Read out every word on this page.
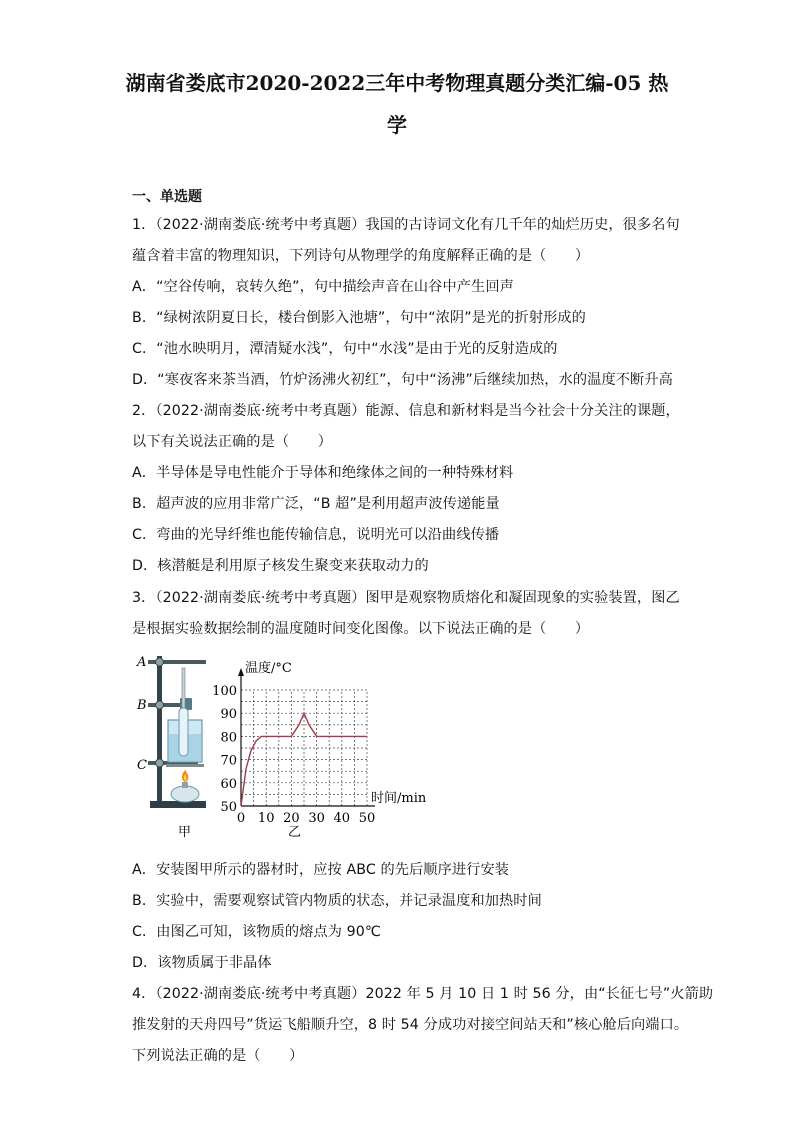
湖南省娄底市2020-2022三年中考物理真题分类汇编-05 热
学
一、单选题
1．（2022·湖南娄底·统考中考真题）我国的古诗词文化有几千年的灿烂历史，很多名句
蕴含着丰富的物理知识，下列诗句从物理学的角度解释正确的是（　　）
A．“空谷传响，哀转久绝”，句中描绘声音在山谷中产生回声
B．“绿树浓阴夏日长，楼台倒影入池塘”，句中“浓阴”是光的折射形成的
C．“池水映明月，潭清疑水浅”，句中“水浅”是由于光的反射造成的
D．“寒夜客来茶当酒，竹炉汤沸火初红”，句中“汤沸”后继续加热，水的温度不断升高
2．（2022·湖南娄底·统考中考真题）能源、信息和新材料是当今社会十分关注的课题，
以下有关说法正确的是（　　）
A．半导体是导电性能介于导体和绝缘体之间的一种特殊材料
B．超声波的应用非常广泛，“B 超”是利用超声波传递能量
C．弯曲的光导纤维也能传输信息，说明光可以沿曲线传播
D．核潜艇是利用原子核发生聚变来获取动力的
3．（2022·湖南娄底·统考中考真题）图甲是观察物质熔化和凝固现象的实验装置，图乙
是根据实验数据绘制的温度随时间变化图像。以下说法正确的是（　　）
A
B
C
甲
50
60
70
80
90
100
0 10 20 30 40 50
温度/°C
时间/min
乙
A．安装图甲所示的器材时，应按 ABC 的先后顺序进行安装
B．实验中，需要观察试管内物质的状态，并记录温度和加热时间
C．由图乙可知，该物质的熔点为 90℃
D．该物质属于非晶体
4．（2022·湖南娄底·统考中考真题）2022 年 5 月 10 日 1 时 56 分，由“长征七号”火箭助
推发射的天舟四号”货运飞船顺升空，8 时 54 分成功对接空间站天和”核心舱后向端口。
下列说法正确的是（　　）
